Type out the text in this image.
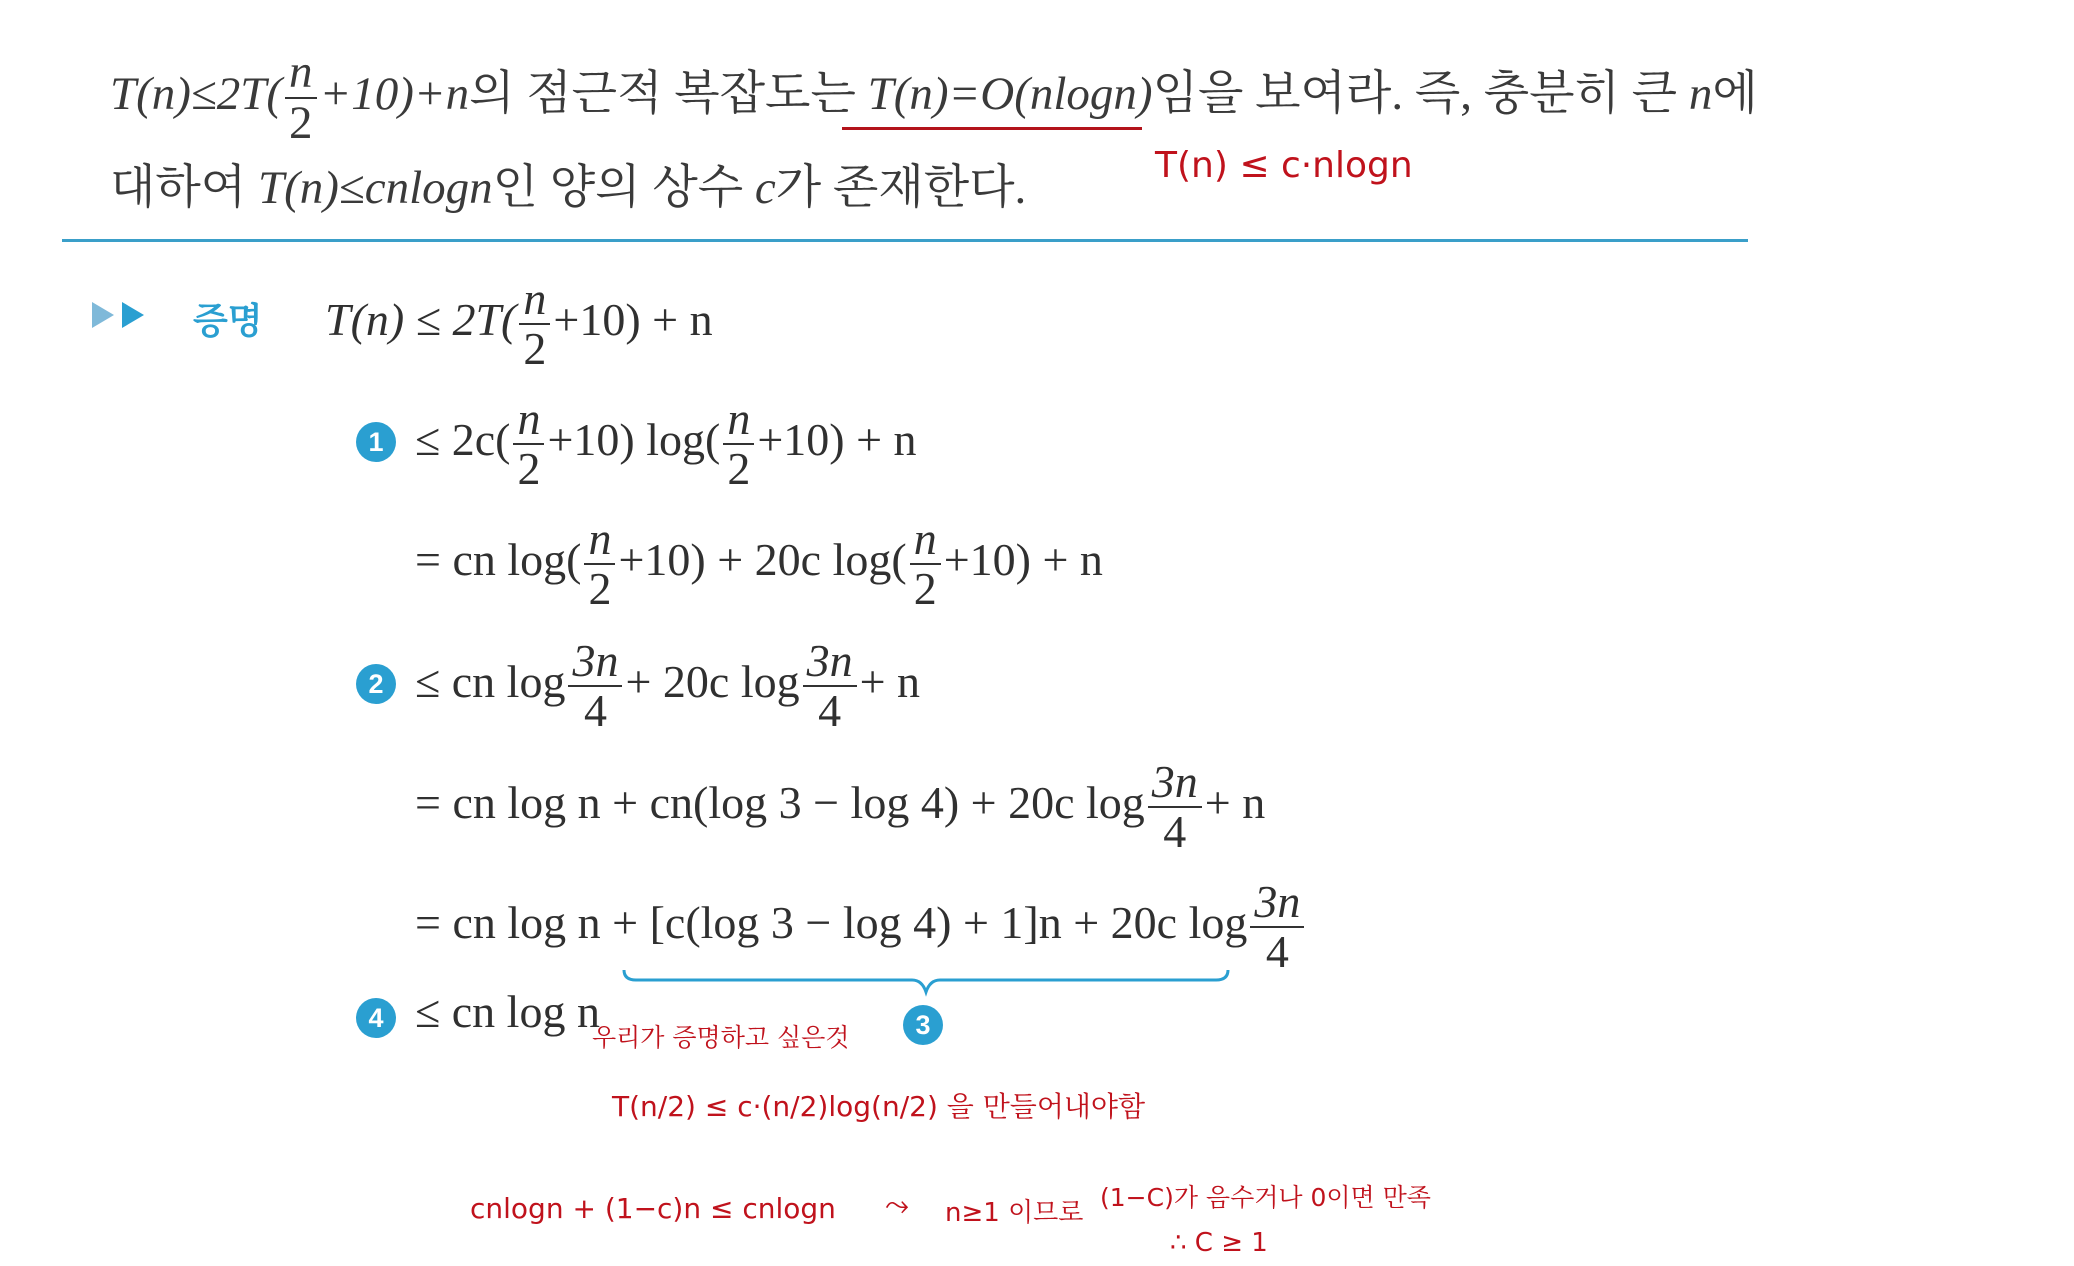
$T(n)\le 2T( \frac{n}{2} +10)+n$의 점근적 복잡도는 T(n)=O(nlogn)임을 보여라. 즉, 충분히 큰 n에
대하여 T(n)≤cnlogn인 양의 상수 c가 존재한다.	T(n) ≤ c·nlogn
증명 $T(n) \le 2T( \frac{n}{2} +10) + n$
$1 \le 2c( \frac{n}{2} +10)$ $\log( \frac{n}{2} +10) + n$
= cn $\log( \frac{n}{2} +10) + 20c$ $\log( \frac{n}{2} +10) + n$
2 ≤ cn $\log \frac{3n}{4} + 20c$ $\log \frac{3n}{4} + n$
= cn log n + cn(log 3 − log 4) + 20c $\log \frac{3n}{4} + n$
= cn log n + [c(log 3 − log 4) + 1]n + 20c $\log \frac{3n}{4}$
3
4 ≤ cn log n
우리가 증명하고 싶은것
T(n/2) ≤ c·(n/2)log(n/2) 을 만들어내야함
cnlogn + (1−c)n ≤ cnlogn ⤳ n≥1 이므로
(1−C)가 음수거나 0이면 만족
∴ C ≥ 1
